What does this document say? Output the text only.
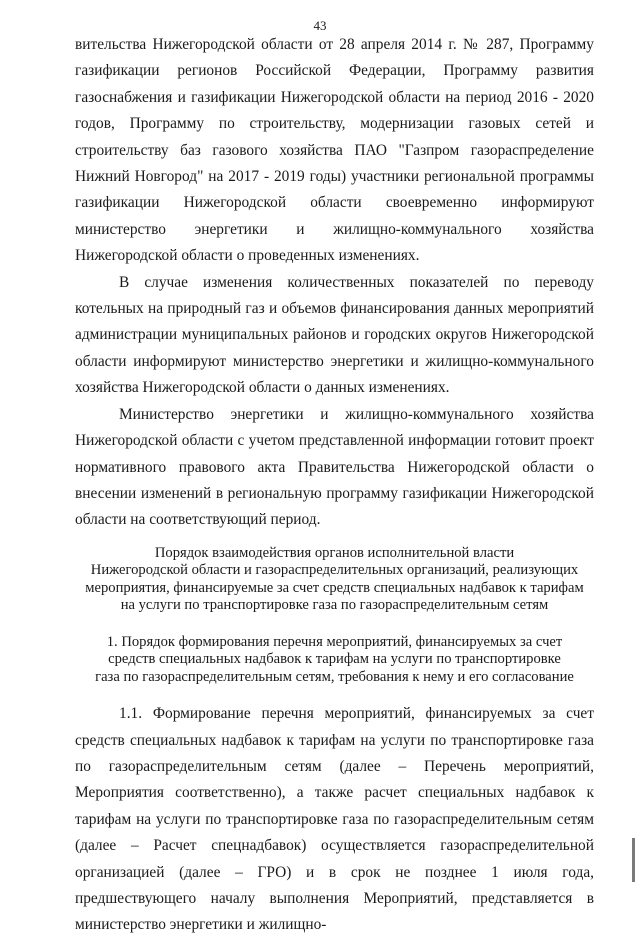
43

вительства Нижегородской области от 28 апреля 2014 г. № 287, Программу газификации регионов Российской Федерации, Программу развития газоснабжения и газификации Нижегородской области на период 2016 - 2020 годов, Программу по строительству, модернизации газовых сетей и строительству баз газового хозяйства ПАО "Газпром газораспределение Нижний Новгород" на 2017 - 2019 годы) участники региональной программы газификации Нижегородской области своевременно информируют министерство энергетики и жилищно-коммунального хозяйства Нижегородской области о проведенных изменениях.

В случае изменения количественных показателей по переводу котельных на природный газ и объемов финансирования данных мероприятий администрации муниципальных районов и городских округов Нижегородской области информируют министерство энергетики и жилищно-коммунального хозяйства Нижегородской области о данных изменениях.

Министерство энергетики и жилищно-коммунального хозяйства Нижегородской области с учетом представленной информации готовит проект нормативного правового акта Правительства Нижегородской области о внесении изменений в региональную программу газификации Нижегородской области на соответствующий период.

Порядок взаимодействия органов исполнительной власти
Нижегородской области и газораспределительных организаций, реализующих
мероприятия, финансируемые за счет средств специальных надбавок к тарифам
на услуги по транспортировке газа по газораспределительным сетям
1. Порядок формирования перечня мероприятий, финансируемых за счет
средств специальных надбавок к тарифам на услуги по транспортировке
газа по газораспределительным сетям, требования к нему и его согласование

1.1. Формирование перечня мероприятий, финансируемых за счет средств специальных надбавок к тарифам на услуги по транспортировке газа по газораспределительным сетям (далее – Перечень мероприятий, Мероприятия соответственно), а также расчет специальных надбавок к тарифам на услуги по транспортировке газа по газораспределительным сетям (далее – Расчет спецнадбавок) осуществляется газораспределительной организацией (далее – ГРО) и в срок не позднее 1 июля года, предшествующего началу выполнения Мероприятий, представляется в министерство энергетики и жилищно-
